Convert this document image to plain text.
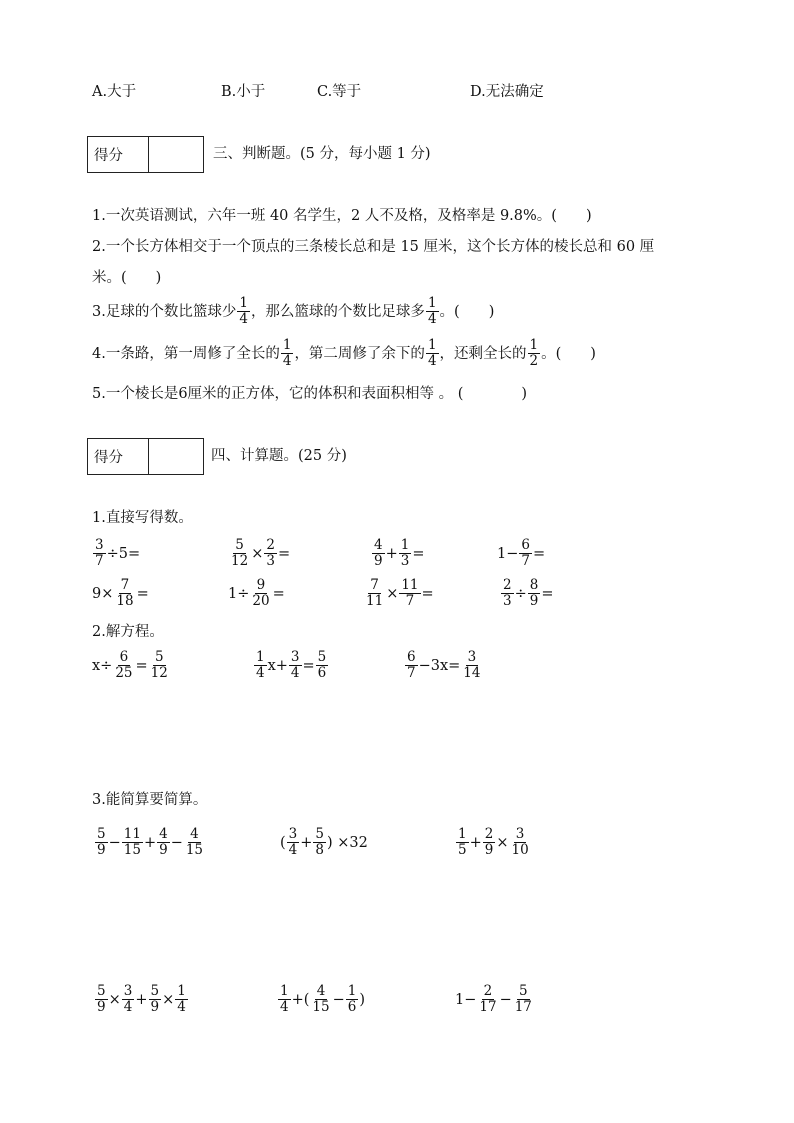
A.大于	B.小于	C.等于	D.无法确定
得分	三、判断题。(5 分，每小题 1 分)
1.一次英语测试，六年一班 40 名学生，2 人不及格，及格率是 9.8%。(　　)
2.一个长方体相交于一个顶点的三条棱长总和是 15 厘米，这个长方体的棱长总和 60 厘
米。(　　)
3.足球的个数比篮球少 $\frac{1}{4}$ ，那么篮球的个数比足球多 $\frac{1}{4}$ 。(　　)
4.一条路，第一周修了全长的 $\frac{1}{4}$ ，第二周修了余下的 $\frac{1}{4}$ ，还剩全长的 $\frac{1}{2}$ 。(　　)
5.一个棱长是6厘米的正方体，它的体积和表面积相等 。 (　　　　)
得分	四、计算题。(25 分)
1.直接写得数。
$\frac{3}{7} \div 5=$	$\frac{5}{12} \times \frac{2}{3}$ =	$\frac{4}{9} + \frac{1}{3}$ =	$1- \frac{6}{7}$ =
$9\times \frac{7}{18}$ =	$1\div \frac{9}{20}$ =	$\frac{7}{11} \times \frac{11}{7}$ =	$\frac{2}{3} \div \frac{8}{9}$ =
2.解方程。
$x\div \frac{6}{25} = \frac{5}{12}$	$\frac{1}{4} x+ \frac{3}{4} = \frac{5}{6}$	$\frac{6}{7} -3x= \frac{3}{14}$
3.能简算要简算。
$\frac{5}{9} - \frac{11}{15} + \frac{4}{9} - \frac{4}{15}$	( $\frac{3}{4} + \frac{5}{8}$ ) ×32	$\frac{1}{5} + \frac{2}{9} \times \frac{3}{10}$
$\frac{5}{9} \times \frac{3}{4} + \frac{5}{9} \times \frac{1}{4}$	$\frac{1}{4}$ +( $\frac{4}{15} - \frac{1}{6}$ )	$1- \frac{2}{17} - \frac{5}{17}$
